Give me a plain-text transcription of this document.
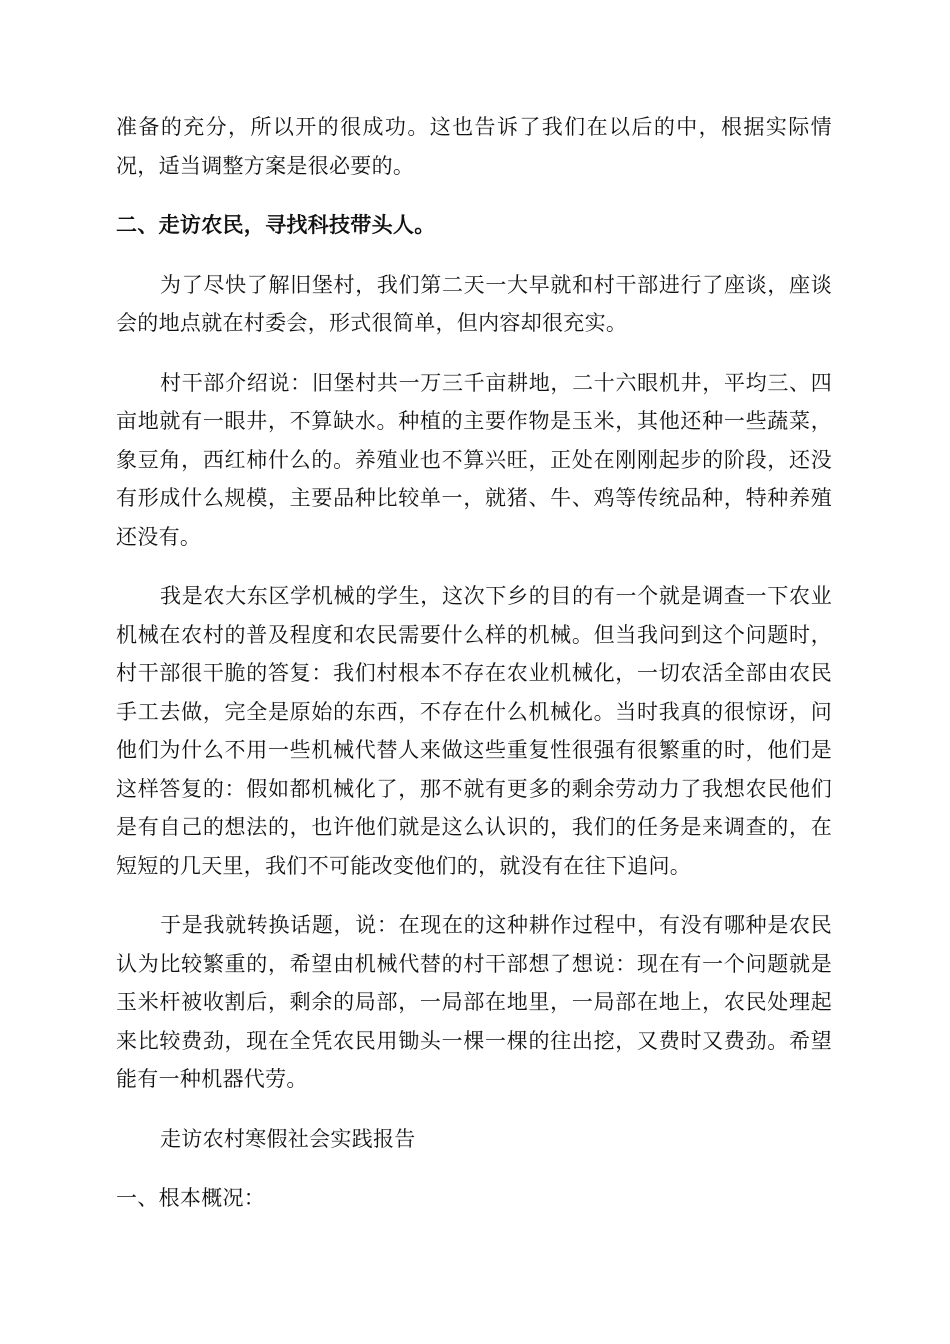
准备的充分，所以开的很成功。这也告诉了我们在以后的中，根据实际情况，适当调整方案是很必要的。

二、走访农民，寻找科技带头人。

为了尽快了解旧堡村，我们第二天一大早就和村干部进行了座谈，座谈会的地点就在村委会，形式很简单，但内容却很充实。

村干部介绍说：旧堡村共一万三千亩耕地，二十六眼机井，平均三、四亩地就有一眼井，不算缺水。种植的主要作物是玉米，其他还种一些蔬菜，象豆角，西红柿什么的。养殖业也不算兴旺，正处在刚刚起步的阶段，还没有形成什么规模，主要品种比较单一，就猪、牛、鸡等传统品种，特种养殖还没有。

我是农大东区学机械的学生，这次下乡的目的有一个就是调查一下农业机械在农村的普及程度和农民需要什么样的机械。但当我问到这个问题时，村干部很干脆的答复：我们村根本不存在农业机械化，一切农活全部由农民手工去做，完全是原始的东西，不存在什么机械化。当时我真的很惊讶，问他们为什么不用一些机械代替人来做这些重复性很强有很繁重的时，他们是这样答复的：假如都机械化了，那不就有更多的剩余劳动力了我想农民他们是有自己的想法的，也许他们就是这么认识的，我们的任务是来调查的，在短短的几天里，我们不可能改变他们的，就没有在往下追问。

于是我就转换话题，说：在现在的这种耕作过程中，有没有哪种是农民认为比较繁重的，希望由机械代替的村干部想了想说：现在有一个问题就是玉米杆被收割后，剩余的局部，一局部在地里，一局部在地上，农民处理起来比较费劲，现在全凭农民用锄头一棵一棵的往出挖，又费时又费劲。希望能有一种机器代劳。

走访农村寒假社会实践报告

一、根本概况：
